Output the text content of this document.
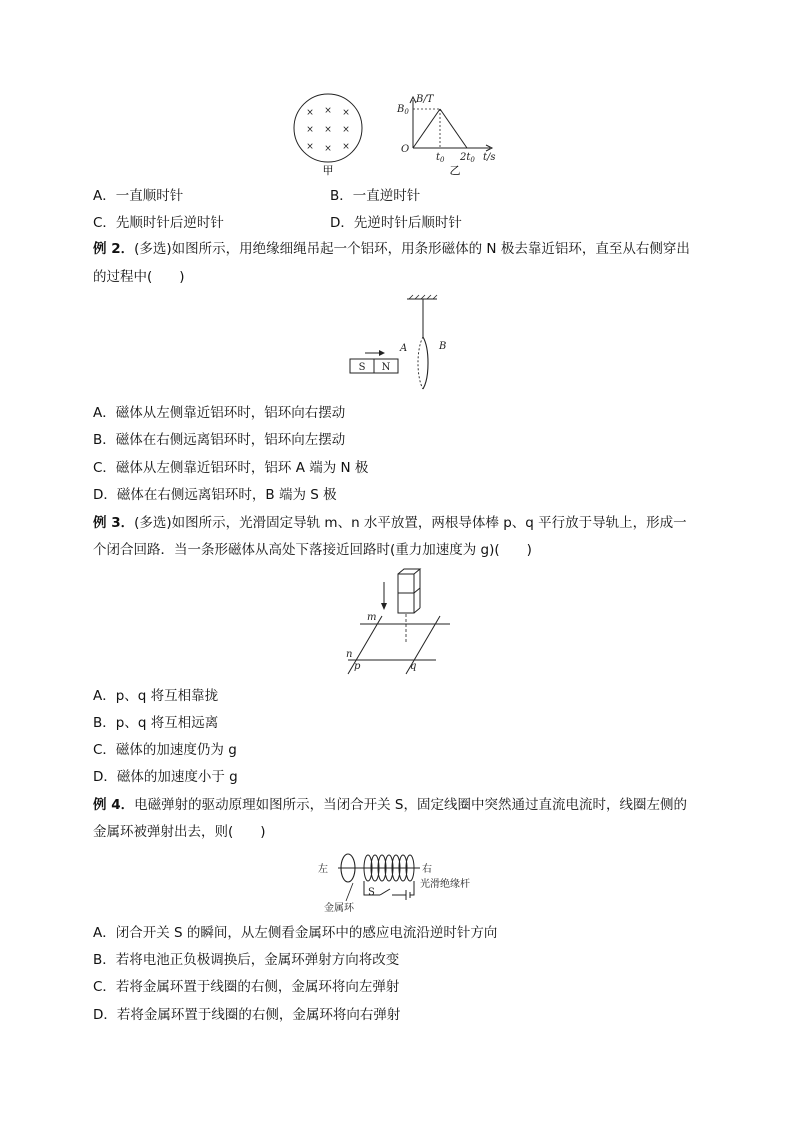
× × ×
× × ×
× × ×
甲
B/T
$B_0$
O
$t_0$ $2t_0$ t/s
乙
A．一直顺时针	B．一直逆时针
C．先顺时针后逆时针	D．先逆时针后顺时针
例 2．(多选)如图所示，用绝缘细绳吊起一个铝环，用条形磁体的 N 极去靠近铝环，直至从右侧穿出
的过程中(　　)
S N
A	B
A．磁体从左侧靠近铝环时，铝环向右摆动
B．磁体在右侧远离铝环时，铝环向左摆动
C．磁体从左侧靠近铝环时，铝环 A 端为 N 极
D．磁体在右侧远离铝环时，B 端为 S 极
例 3．(多选)如图所示，光滑固定导轨 m、n 水平放置，两根导体棒 p、q 平行放于导轨上，形成一
个闭合回路．当一条形磁体从高处下落接近回路时(重力加速度为 g)(　　)
m
n
p	q
A．p、q 将互相靠拢
B．p、q 将互相远离
C．磁体的加速度仍为 g
D．磁体的加速度小于 g
例 4．电磁弹射的驱动原理如图所示，当闭合开关 S，固定线圈中突然通过直流电流时，线圈左侧的
金属环被弹射出去，则(　　)
左	右
光滑绝缘杆
金属环
S
A．闭合开关 S 的瞬间，从左侧看金属环中的感应电流沿逆时针方向
B．若将电池正负极调换后，金属环弹射方向将改变
C．若将金属环置于线圈的右侧，金属环将向左弹射
D．若将金属环置于线圈的右侧，金属环将向右弹射
